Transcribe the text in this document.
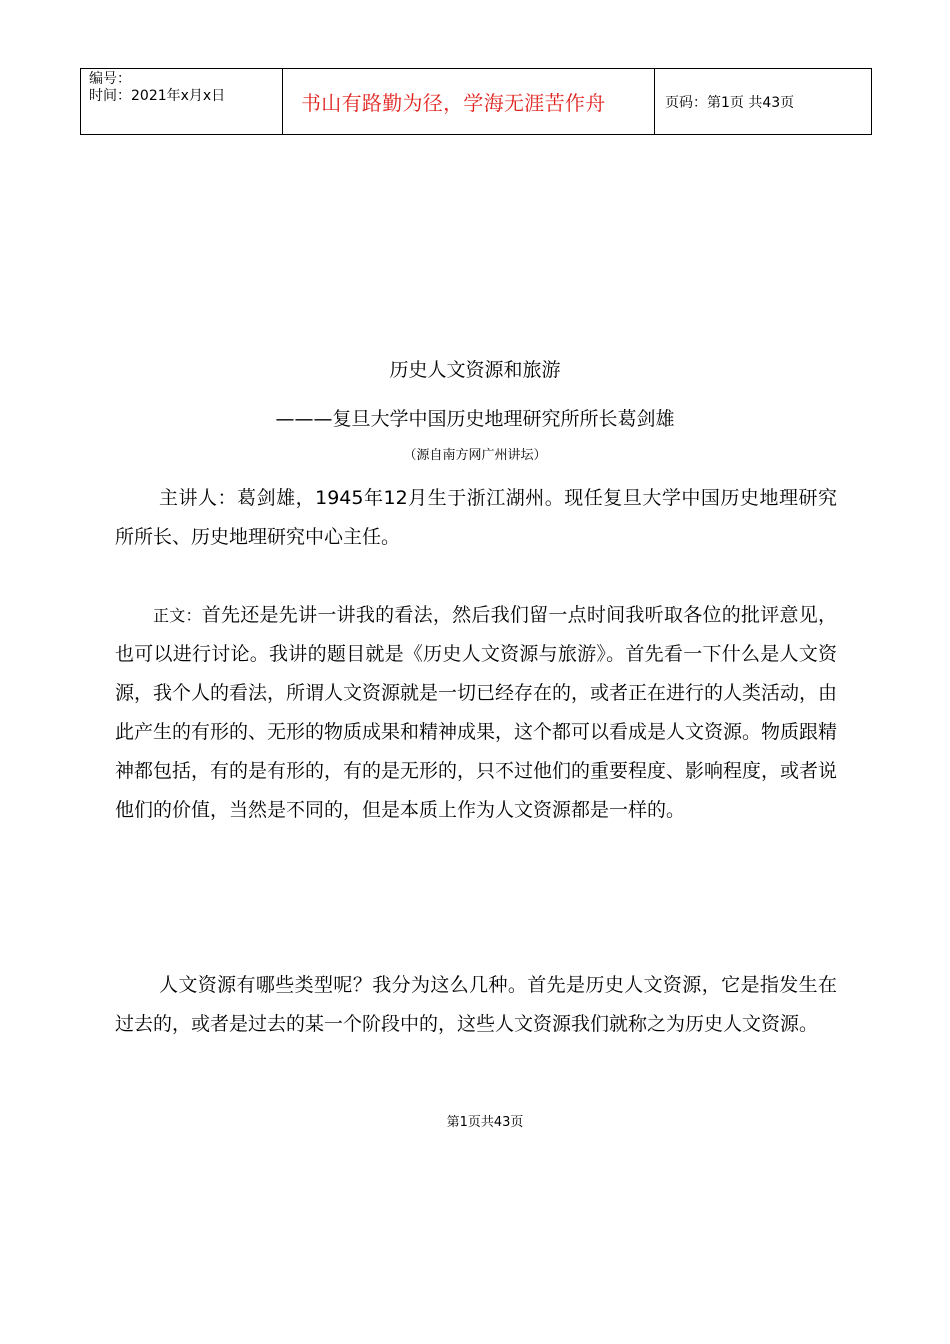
编号：
时间：2021年x月x日	书山有路勤为径，学海无涯苦作舟	页码：第1页 共43页
历史人文资源和旅游
———复旦大学中国历史地理研究所所长葛剑雄
（源自南方网广州讲坛）

主讲人：葛剑雄，1945年12月生于浙江湖州。现任复旦大学中国历史地理研究所所长、历史地理研究中心主任。

正文：首先还是先讲一讲我的看法，然后我们留一点时间我听取各位的批评意见，也可以进行讨论。我讲的题目就是《历史人文资源与旅游》。首先看一下什么是人文资源，我个人的看法，所谓人文资源就是一切已经存在的，或者正在进行的人类活动，由此产生的有形的、无形的物质成果和精神成果，这个都可以看成是人文资源。物质跟精神都包括，有的是有形的，有的是无形的，只不过他们的重要程度、影响程度，或者说他们的价值，当然是不同的，但是本质上作为人文资源都是一样的。

人文资源有哪些类型呢？我分为这么几种。首先是历史人文资源，它是指发生在过去的，或者是过去的某一个阶段中的，这些人文资源我们就称之为历史人文资源。

第1页共43页
